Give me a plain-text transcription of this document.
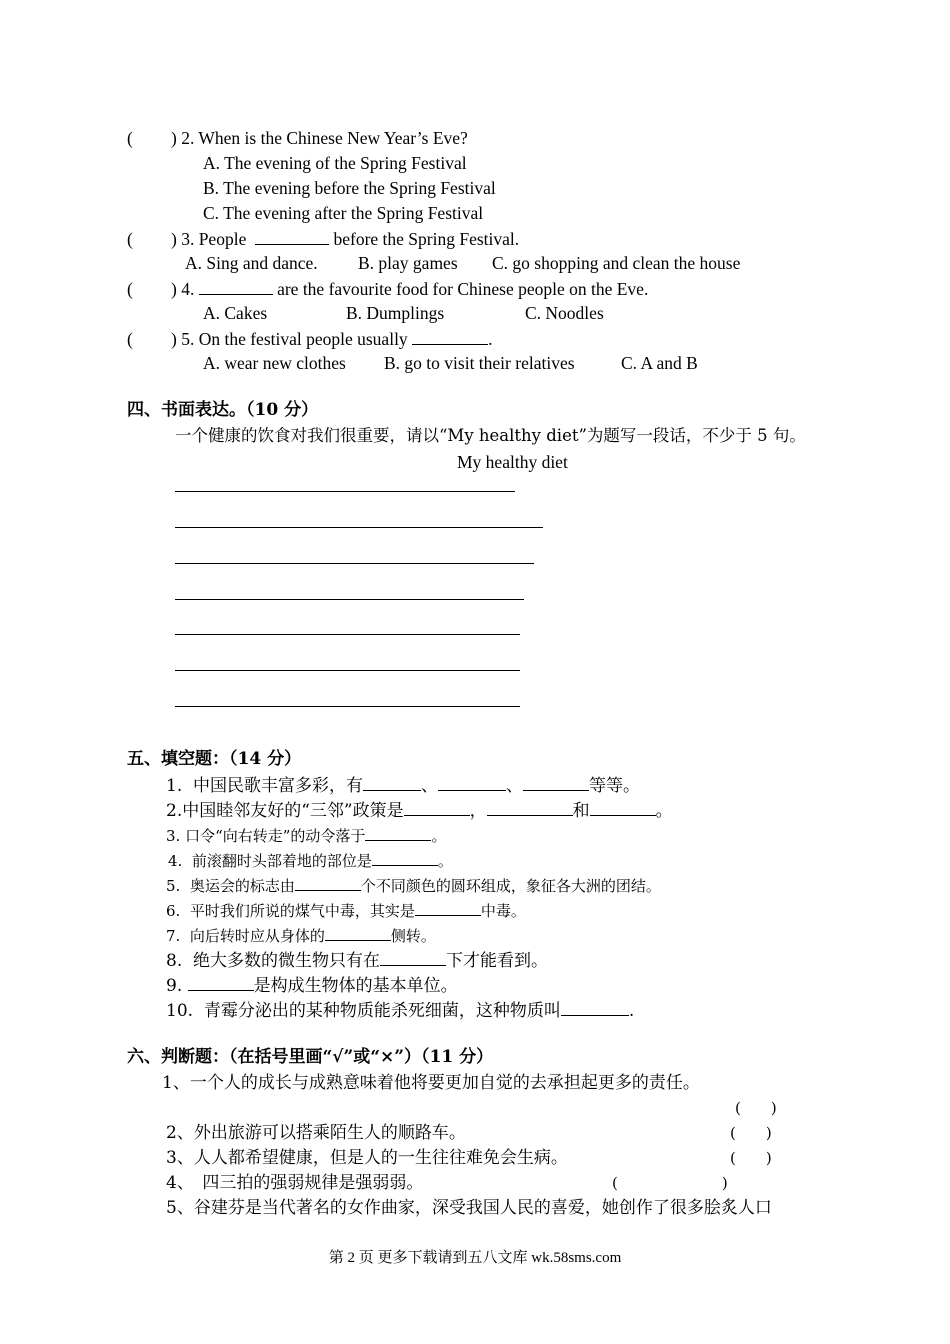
( ) 2. When is the Chinese New Year’s Eve?
A. The evening of the Spring Festival
B. The evening before the Spring Festival
C. The evening after the Spring Festival
( ) 3. People	before the Spring Festival.
A. Sing and dance. B. play games C. go shopping and clean the house
( ) 4.	are the favourite food for Chinese people on the Eve.
A. Cakes	B. Dumplings	C. Noodles
( ) 5. On the festival people usually	.
A. wear new clothes B. go to visit their relatives	C. A and B
四、书面表达。（10 分）
一个健康的饮食对我们很重要，请以“My healthy diet”为题写一段话，不少于 5 句。
My healthy diet
五、填空题：（14 分）
1. 中国民歌丰富多彩，有	、	、	等等。
2.中国睦邻友好的“三邻”政策是	，	和	。
3. 口令“向右转走”的动令落于	。
4. 前滚翻时头部着地的部位是	。
5. 奥运会的标志由	个不同颜色的圆环组成，象征各大洲的团结。
6. 平时我们所说的煤气中毒，其实是	中毒。
7. 向后转时应从身体的	侧转。
8. 绝大多数的微生物只有在	下才能看到。
9.	是构成生物体的基本单位。
10. 青霉分泌出的某种物质能杀死细菌，这种物质叫	.
六、判断题：（在括号里画“√”或“×”）（11 分）
1、一个人的成长与成熟意味着他将要更加自觉的去承担起更多的责任。
(　　)
2、外出旅游可以搭乘陌生人的顺路车。	(　　)
3、人人都希望健康，但是人的一生往往难免会生病。	(　　)
4、　四三拍的强弱规律是强弱弱。	(	)
5、谷建芬是当代著名的女作曲家，深受我国人民的喜爱，她创作了很多脍炙人口
第 2 页 更多下载请到五八文库 wk.58sms.com
